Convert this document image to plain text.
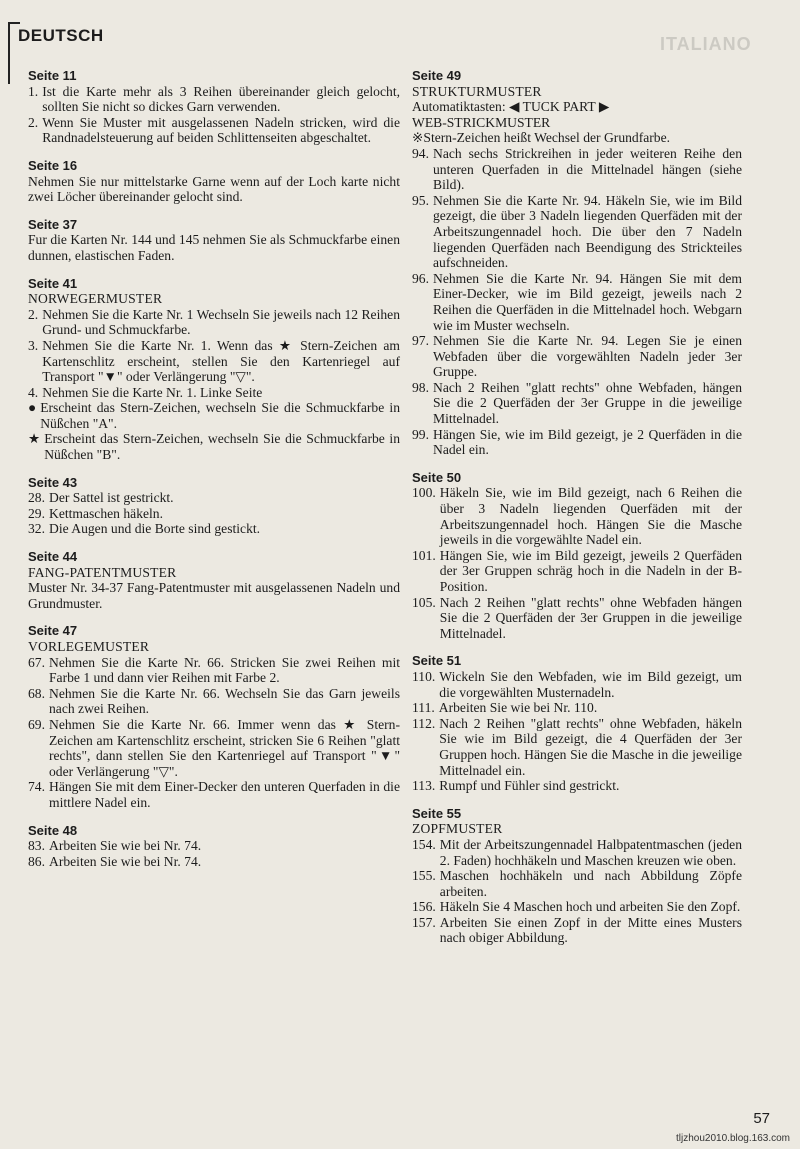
ITALIANO
DEUTSCH
Seite 11
1. Ist die Karte mehr als 3 Reihen übereinander gleich gelocht, sollten Sie nicht so dickes Garn verwenden.
2. Wenn Sie Muster mit ausgelassenen Nadeln stricken, wird die Randnadelsteuerung auf beiden Schlittenseiten abgeschaltet.
Seite 16
Nehmen Sie nur mittelstarke Garne wenn auf der Loch karte nicht zwei Löcher übereinander gelocht sind.
Seite 37
Fur die Karten Nr. 144 und 145 nehmen Sie als Schmuckfarbe einen dunnen, elastischen Faden.
Seite 41
NORWEGERMUSTER
2. Nehmen Sie die Karte Nr. 1 Wechseln Sie jeweils nach 12 Reihen Grund- und Schmuckfarbe.
3. Nehmen Sie die Karte Nr. 1. Wenn das ★ Stern-Zeichen am Kartenschlitz erscheint, stellen Sie den Kartenriegel auf Transport "▼" oder Verlängerung "▽".
4. Nehmen Sie die Karte Nr. 1. Linke Seite
● Erscheint das Stern-Zeichen, wechseln Sie die Schmuckfarbe in Nüßchen "A".
★ Erscheint das Stern-Zeichen, wechseln Sie die Schmuckfarbe in Nüßchen "B".
Seite 43
28. Der Sattel ist gestrickt.
29. Kettmaschen häkeln.
32. Die Augen und die Borte sind gestickt.
Seite 44
FANG-PATENTMUSTER
Muster Nr. 34-37 Fang-Patentmuster mit ausgelassenen Nadeln und Grundmuster.
Seite 47
VORLEGEMUSTER
67. Nehmen Sie die Karte Nr. 66. Stricken Sie zwei Reihen mit Farbe 1 und dann vier Reihen mit Farbe 2.
68. Nehmen Sie die Karte Nr. 66. Wechseln Sie das Garn jeweils nach zwei Reihen.
69. Nehmen Sie die Karte Nr. 66. Immer wenn das ★ Stern-Zeichen am Kartenschlitz erscheint, stricken Sie 6 Reihen "glatt rechts", dann stellen Sie den Kartenriegel auf Transport "▼" oder Verlängerung "▽".
74. Hängen Sie mit dem Einer-Decker den unteren Querfaden in die mittlere Nadel ein.
Seite 48
83. Arbeiten Sie wie bei Nr. 74.
86. Arbeiten Sie wie bei Nr. 74.
Seite 49
STRUKTURMUSTER
Automatiktasten: ◀ TUCK PART ▶
WEB-STRICKMUSTER
※Stern-Zeichen heißt Wechsel der Grundfarbe.
94. Nach sechs Strickreihen in jeder weiteren Reihe den unteren Querfaden in die Mittelnadel hängen (siehe Bild).
95. Nehmen Sie die Karte Nr. 94. Häkeln Sie, wie im Bild gezeigt, die über 3 Nadeln liegenden Querfäden mit der Arbeitszungennadel hoch. Die über den 7 Nadeln liegenden Querfäden nach Beendigung des Strickteiles aufschneiden.
96. Nehmen Sie die Karte Nr. 94. Hängen Sie mit dem Einer-Decker, wie im Bild gezeigt, jeweils nach 2 Reihen die Querfäden in die Mittelnadel hoch. Webgarn wie im Muster wechseln.
97. Nehmen Sie die Karte Nr. 94. Legen Sie je einen Webfaden über die vorgewählten Nadeln jeder 3er Gruppe.
98. Nach 2 Reihen "glatt rechts" ohne Webfaden, hängen Sie die 2 Querfäden der 3er Gruppe in die jeweilige Mittelnadel.
99. Hängen Sie, wie im Bild gezeigt, je 2 Querfäden in die Nadel ein.
Seite 50
100. Häkeln Sie, wie im Bild gezeigt, nach 6 Reihen die über 3 Nadeln liegenden Querfäden mit der Arbeitszungennadel hoch. Hängen Sie die Masche jeweils in die vorgewählte Nadel ein.
101. Hängen Sie, wie im Bild gezeigt, jeweils 2 Querfäden der 3er Gruppen schräg hoch in die Nadeln in der B-Position.
105. Nach 2 Reihen "glatt rechts" ohne Webfaden hängen Sie die 2 Querfäden der 3er Gruppen in die jeweilige Mittelnadel.
Seite 51
110. Wickeln Sie den Webfaden, wie im Bild gezeigt, um die vorgewählten Musternadeln.
111. Arbeiten Sie wie bei Nr. 110.
112. Nach 2 Reihen "glatt rechts" ohne Webfaden, häkeln Sie wie im Bild gezeigt, die 4 Querfäden der 3er Gruppen hoch. Hängen Sie die Masche in die jeweilige Mittelnadel ein.
113. Rumpf und Fühler sind gestrickt.
Seite 55
ZOPFMUSTER
154. Mit der Arbeitszungennadel Halbpatentmaschen (jeden 2. Faden) hochhäkeln und Maschen kreuzen wie oben.
155. Maschen hochhäkeln und nach Abbildung Zöpfe arbeiten.
156. Häkeln Sie 4 Maschen hoch und arbeiten Sie den Zopf.
157. Arbeiten Sie einen Zopf in der Mitte eines Musters nach obiger Abbildung.
57
tljzhou2010.blog.163.com
